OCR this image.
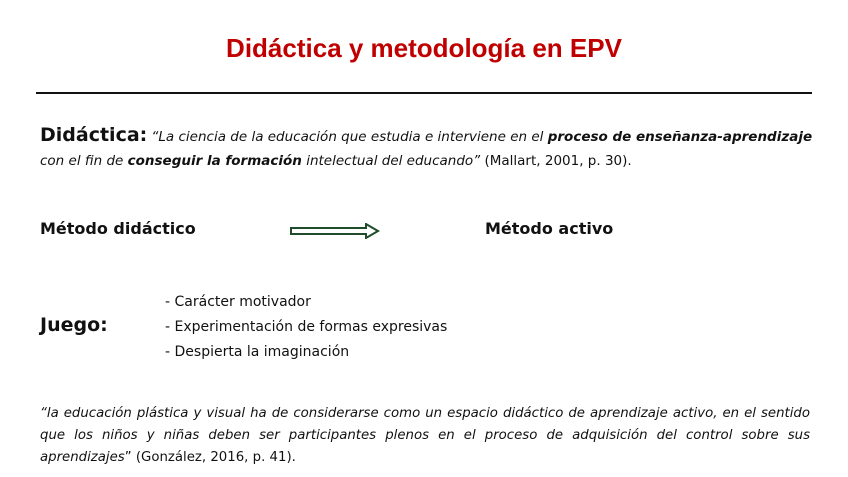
Didáctica y metodología en EPV
Didáctica: “La ciencia de la educación que estudia e interviene en el proceso de enseñanza-aprendizaje con el fin de conseguir la formación intelectual del educando” (Mallart, 2001, p. 30).
Método didáctico	Método activo
Juego:
- Carácter motivador
- Experimentación de formas expresivas
- Despierta la imaginación
“la educación plástica y visual ha de considerarse como un espacio didáctico de aprendizaje activo, en el sentido que los niños y niñas deben ser participantes plenos en el proceso de adquisición del control sobre sus aprendizajes” (González, 2016, p. 41).
